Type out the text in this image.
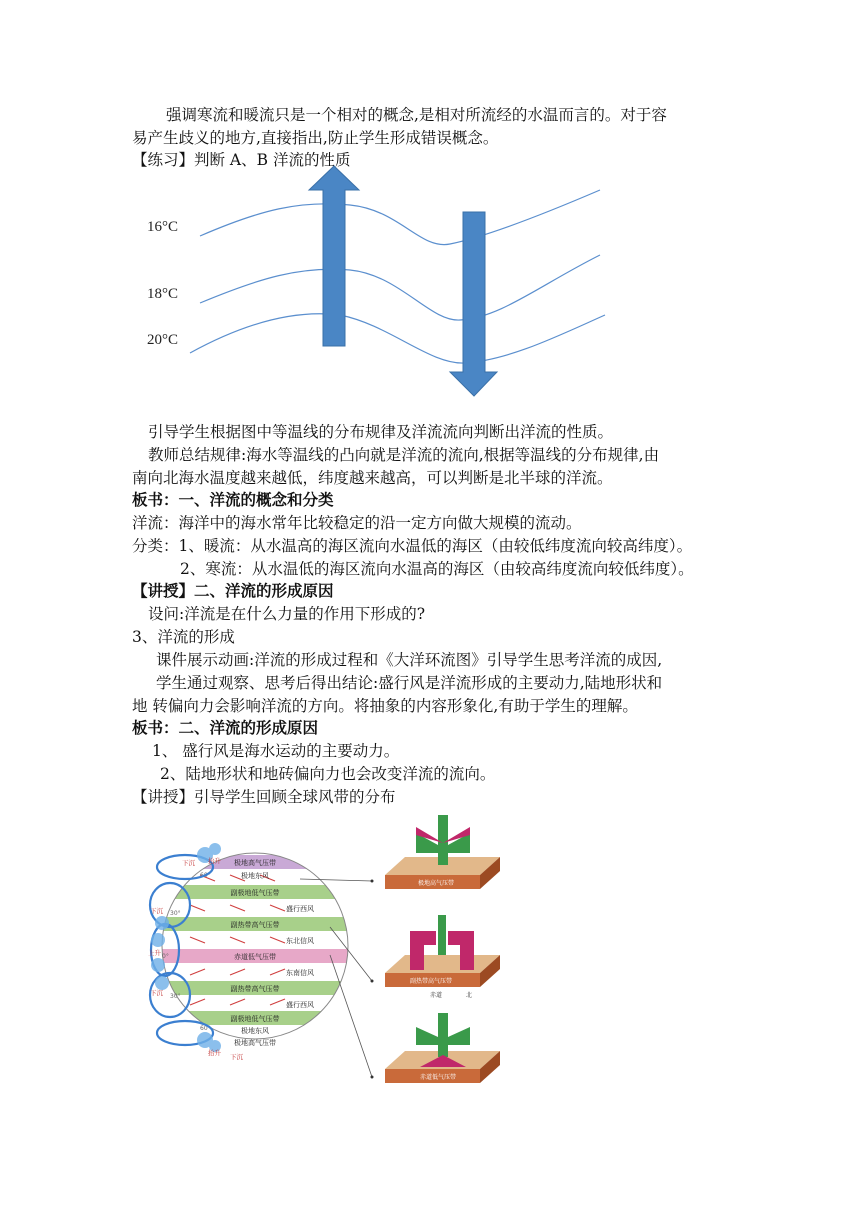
强调寒流和暖流只是一个相对的概念,是相对所流经的水温而言的。对于容
易产生歧义的地方,直接指出,防止学生形成错误概念。
【练习】判断 A、B 洋流的性质
16°C
18°C
20°C
引导学生根据图中等温线的分布规律及洋流流向判断出洋流的性质。
教师总结规律:海水等温线的凸向就是洋流的流向,根据等温线的分布规律,由
南向北海水温度越来越低，纬度越来越高，可以判断是北半球的洋流。
板书：一、洋流的概念和分类
洋流：海洋中的海水常年比较稳定的沿一定方向做大规模的流动。
分类：1、暖流：从水温高的海区流向水温低的海区（由较低纬度流向较高纬度）。
2、寒流：从水温低的海区流向水温高的海区（由较高纬度流向较低纬度）。
【讲授】二、洋流的形成原因
设问:洋流是在什么力量的作用下形成的?
3、洋流的形成
课件展示动画:洋流的形成过程和《大洋环流图》引导学生思考洋流的成因,
学生通过观察、思考后得出结论:盛行风是洋流形成的主要动力,陆地形状和
地 转偏向力会影响洋流的方向。将抽象的内容形象化,有助于学生的理解。
板书：二、洋流的形成原因
1、 盛行风是海水运动的主要动力。
2、陆地形状和地砖偏向力也会改变洋流的流向。
【讲授】引导学生回顾全球风带的分布
极地高气压带
极地东风
副极地低气压带
盛行西风
副热带高气压带
东北信风
赤道低气压带
东南信风
副热带高气压带
盛行西风
副极地低气压带
极地东风
极地高气压带
60°
30°
0°
30°
60°
下沉 抬升
下沉
上升
下沉
抬升 下沉
极地高气压带
副热带高气压带
赤道	北
赤道低气压带
